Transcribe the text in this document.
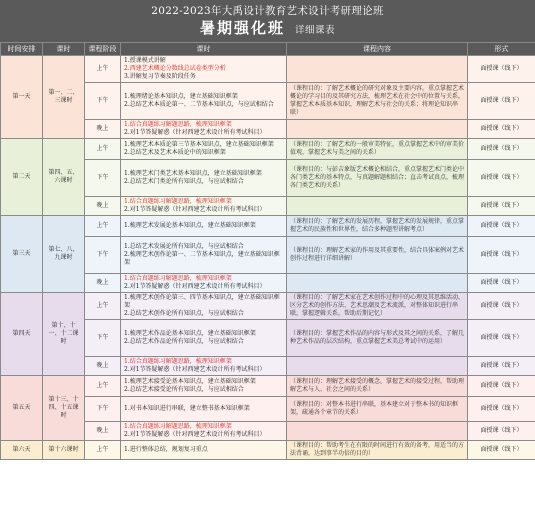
2022-2023年大禹设计教育艺术设计考研理论班
暑期强化班 详细课表
时间安排	课时	课程阶段	课时	课程内容	形式
第一天	第一、二、三课时	上午	1.授课模式讲解
2.西建艺术概论分数线总试卷类型分析
3.讲解复习节奏及阶段任务		面授课（线下）
		下午	1.梳理绪论基本知识点，建立基础知识框架
2.总结艺术本质论第一、二节基本知识点，与应试相结合	（课程目的：了解艺术概论的研究对象及主要内容，重点掌握艺术概论的学习目的及其研究方法，梳理艺术在社会中的位置与关系，掌握艺术本质基本知识，理解艺术与社会的关系；将理论知识串联）	面授课（线下）
		晚上	1.结合真题练习解题思路，梳理知识框架
2.对1节答疑解惑（针对西建艺术设计所有考试科目）		面授课（线下）
第二天	第四、五、六课时	上午	1.梳理艺术本质论第三节基本知识点，建立基础知识框架
2.总结艺术及艺术本质论中的知识框架	（课程目的：了解艺术的一般审美特征，重点掌握艺术中的审美价值观，掌握艺术与美之间的关系）	面授课（线下）
		下午	1.梳理艺术门类艺术基本知识点，建立基础知识框架
2.总结艺术门类论所有知识点，与应试相结合	（课程目的：与彭吉象版艺术概论相结合，重点掌握艺术门类论中各门类艺术的基本特点，与真题解题相结合；直击考试真点，梳理各门类艺术的关系）	面授课（线下）
		晚上	1.结合真题练习解题思路，梳理知识框架
2.对1节答疑解惑（针对西建艺术设计所有考试科目）		面授课（线下）
第三天	第七、八、九课时	上午	1.梳理艺术发展论基本知识点，建立基础知识框架	（课程目的：了解艺术的发展历程，掌握艺术的发展规律，重点掌握艺术的民族性和世界性，结合多种题型讲解考点）	面授课（线下）
		下午	1.总结艺术发展论所有知识点，与应试相结合
2.梳理艺术创作论第一、二节基本知识点，建立基础知识框架	（课程目的：理解艺术家的作用及其重要性，结合具体案例对艺术创作过程进行详细讲解）	面授课（线下）
		晚上	1.结合真题练习解题思路，梳理知识框架
2.对1节答疑解惑（针对西建艺术设计所有考试科目）		面授课（线下）
第四天	第十、十一、十二课时	上午	1.梳理艺术创作论第三、四节基本知识点，建立基础知识框架
2.总结艺术创作论所有知识点，与应试相结合	（课程目的：了解艺术家在艺术创作过程中的心理及其思维活动，区分艺术的创作方法、艺术思潮及艺术流派，对整体知识进行串联，掌握逻辑关系，帮助后期记忆）	面授课（线下）
		下午	1.梳理艺术作品论基本知识点，建立基础知识框架
2.总结艺术作品论所有知识点，与应试相结合	（课程目的：掌握艺术作品的内容与形式及其之间的关系，了解几种艺术作品的层次结构，重点掌握艺术美总考试中的运用）	面授课（线下）
		晚上	1.结合真题练习解题思路，梳理知识框架
2.对1节答疑解惑（针对西建艺术设计所有考试科目）		面授课（线下）
第五天	第十三、十四、十五课时	上午	1.梳理艺术接受论基本知识点，建立基础知识框架
2.总结艺术接受论所有知识点，与应试相结合	（课程目的：理解艺术接受的概念，掌握艺术的接受过程，帮助理解艺术与人、社会之间的关系）	面授课（线下）
		下午	1.对书本知识进行串联，建立整书基本知识框架	（课程目的：对整本书进行串联，基本建立对于整本书的知识框架，疏通各个章节的关系）	面授课（线下）
		晚上	1.结合真题练习解题思路，梳理知识框架
2.对1节答疑解惑（针对西建艺术设计所有考试科目）		面授课（线下）
第六天	第十六课时	上午	1.进行整体总结，规划复习重点	（课程目的：帮助考生在有限的时间进行有效的备考，用适当的方法背诵，达到事半功倍的目的）	面授课（线下）
